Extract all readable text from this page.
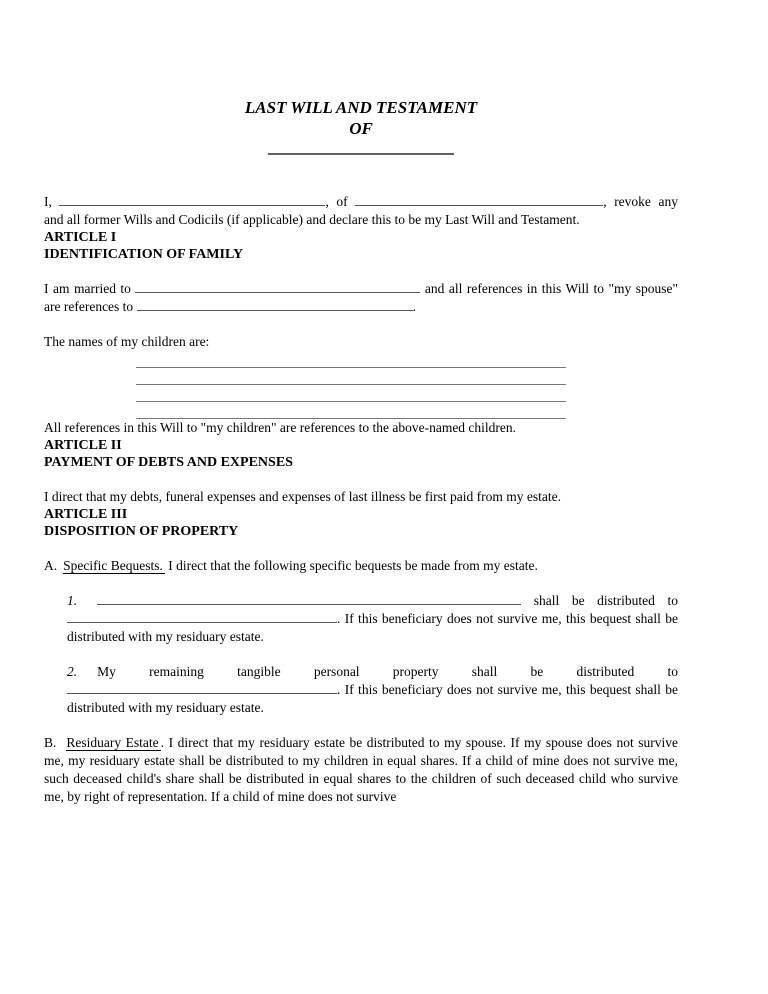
LAST WILL AND TESTAMENT
OF

I,	, of	, revoke any and all former Wills and Codicils (if applicable) and declare this to be my Last Will and Testament.

ARTICLE I
IDENTIFICATION OF FAMILY

I am married to	and all references in this Will to "my spouse" are references to	.

The names of my children are:

All references in this Will to "my children" are references to the above-named children.

ARTICLE II
PAYMENT OF DEBTS AND EXPENSES

I direct that my debts, funeral expenses and expenses of last illness be first paid from my estate.

ARTICLE III
DISPOSITION OF PROPERTY

A. Specific Bequests. I direct that the following specific bequests be made from my estate.

1.	shall be distributed to . If this beneficiary does not survive me, this bequest shall be distributed with my residuary estate.

2. My remaining tangible personal property shall be distributed to . If this beneficiary does not survive me, this bequest shall be distributed with my residuary estate.

B. Residuary Estate . I direct that my residuary estate be distributed to my spouse. If my spouse does not survive me, my residuary estate shall be distributed to my children in equal shares. If a child of mine does not survive me, such deceased child's share shall be distributed in equal shares to the children of such deceased child who survive me, by right of representation. If a child of mine does not survive
